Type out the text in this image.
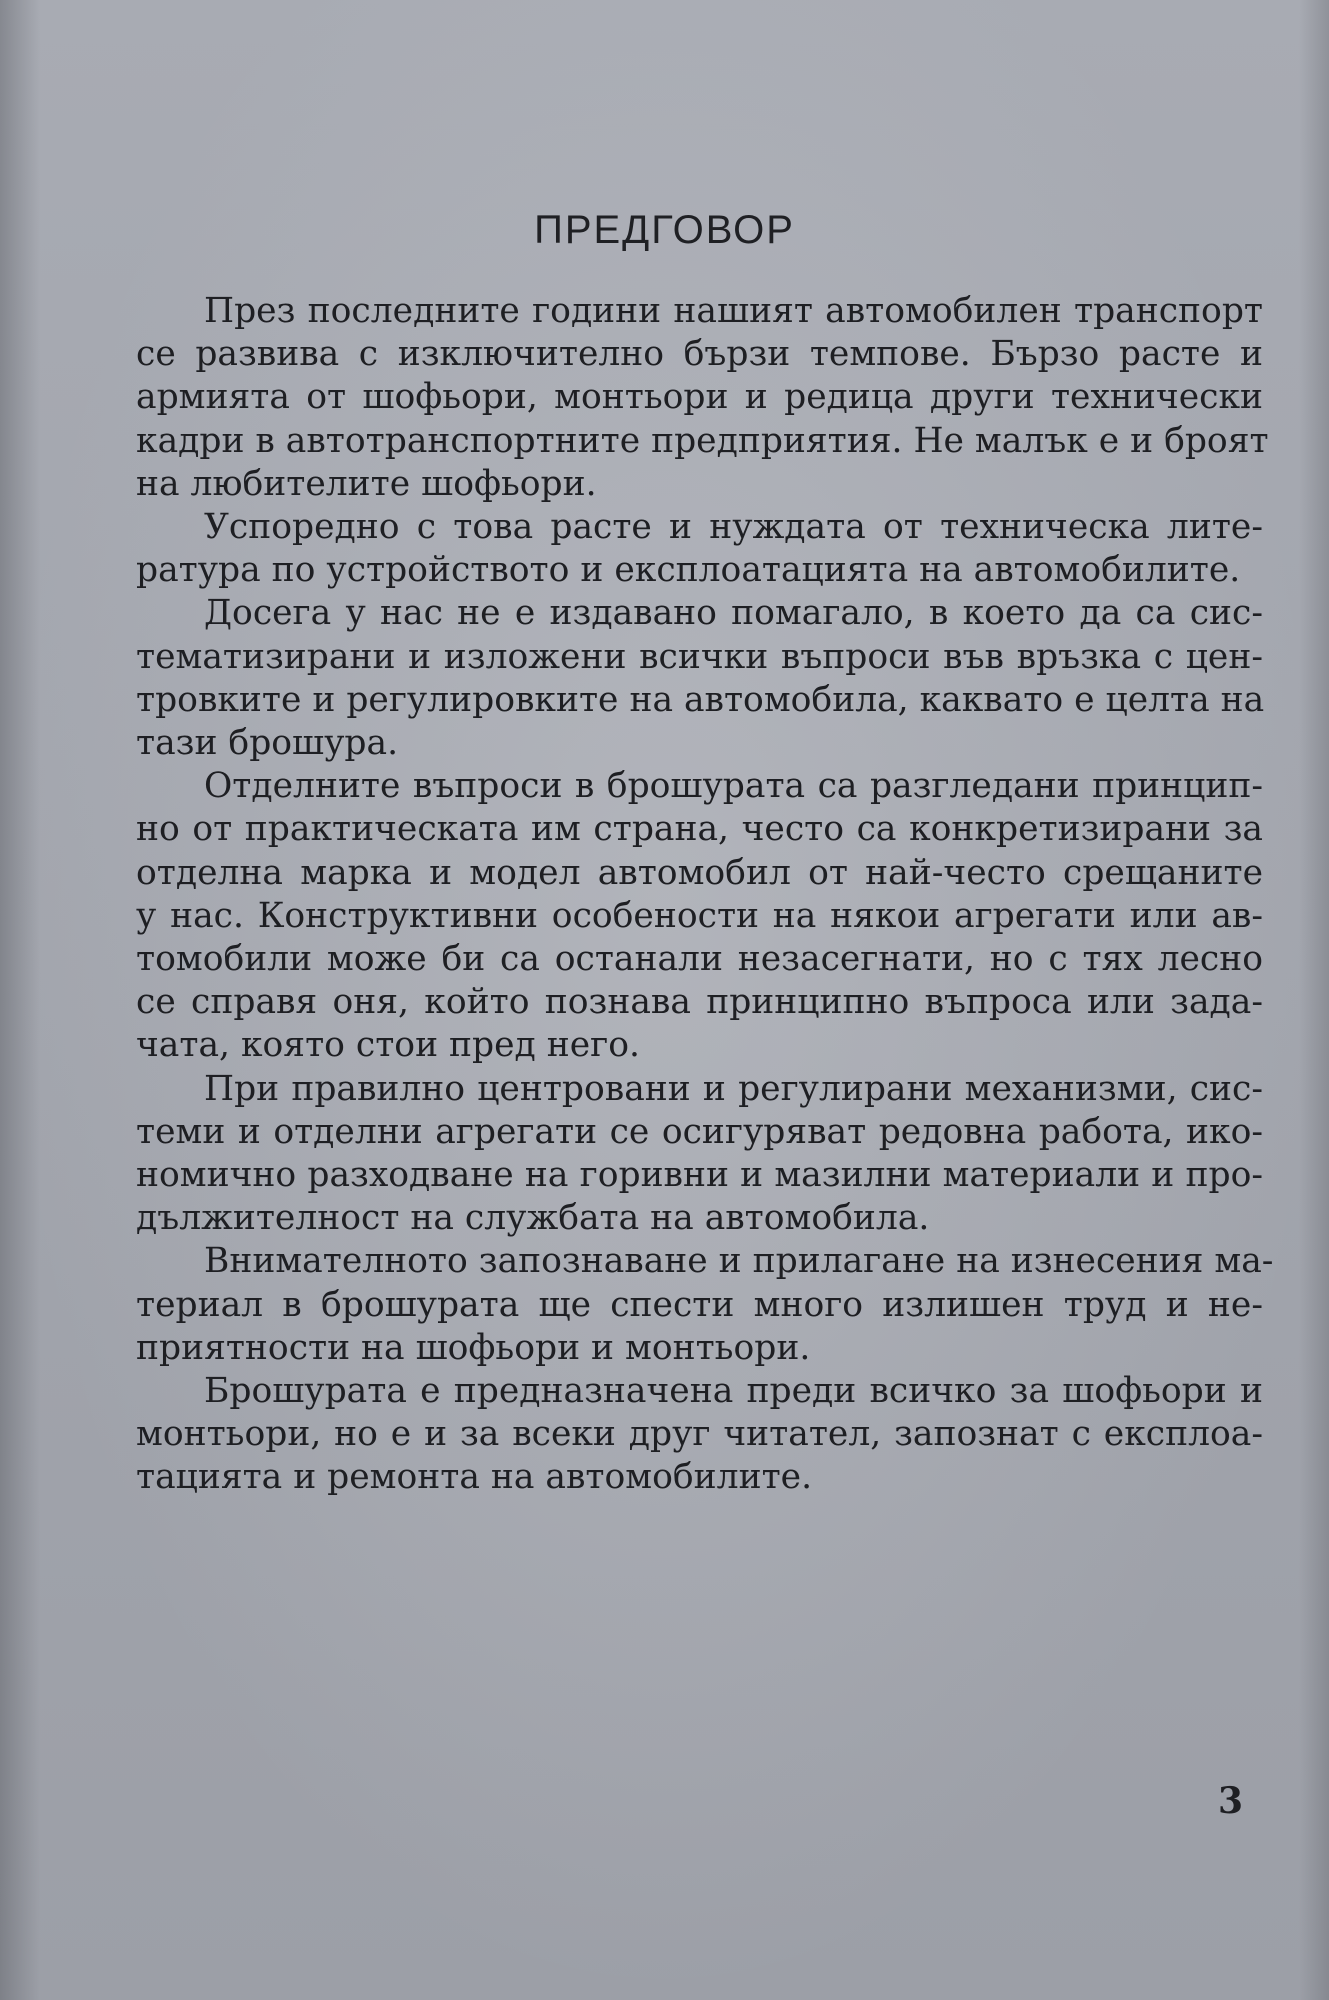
ПРЕДГОВОР
През последните години нашият автомобилен транспорт
се развива с изключително бързи темпове. Бързо расте и
армията от шофьори, монтьори и редица други технически
кадри в автотранспортните предприятия. Не малък е и броят
на любителите шофьори.
Успоредно с това расте и нуждата от техническа лите-
ратура по устройството и експлоатацията на автомобилите.
Досега у нас не е издавано помагало, в което да са сис-
тематизирани и изложени всички въпроси във връзка с цен-
тровките и регулировките на автомобила, каквато е целта на
тази брошура.
Отделните въпроси в брошурата са разгледани принцип-
но от практическата им страна, често са конкретизирани за
отделна марка и модел автомобил от най-често срещаните
у нас. Конструктивни особености на някои агрегати или ав-
томобили може би са останали незасегнати, но с тях лесно
се справя оня, който познава принципно въпроса или зада-
чата, която стои пред него.
При правилно центровани и регулирани механизми, сис-
теми и отделни агрегати се осигуряват редовна работа, ико-
номично разходване на горивни и мазилни материали и про-
дължителност на службата на автомобила.
Внимателното запознаване и прилагане на изнесения ма-
териал в брошурата ще спести много излишен труд и не-
приятности на шофьори и монтьори.
Брошурата е предназначена преди всичко за шофьори и
монтьори, но е и за всеки друг читател, запознат с експлоа-
тацията и ремонта на автомобилите.
3
